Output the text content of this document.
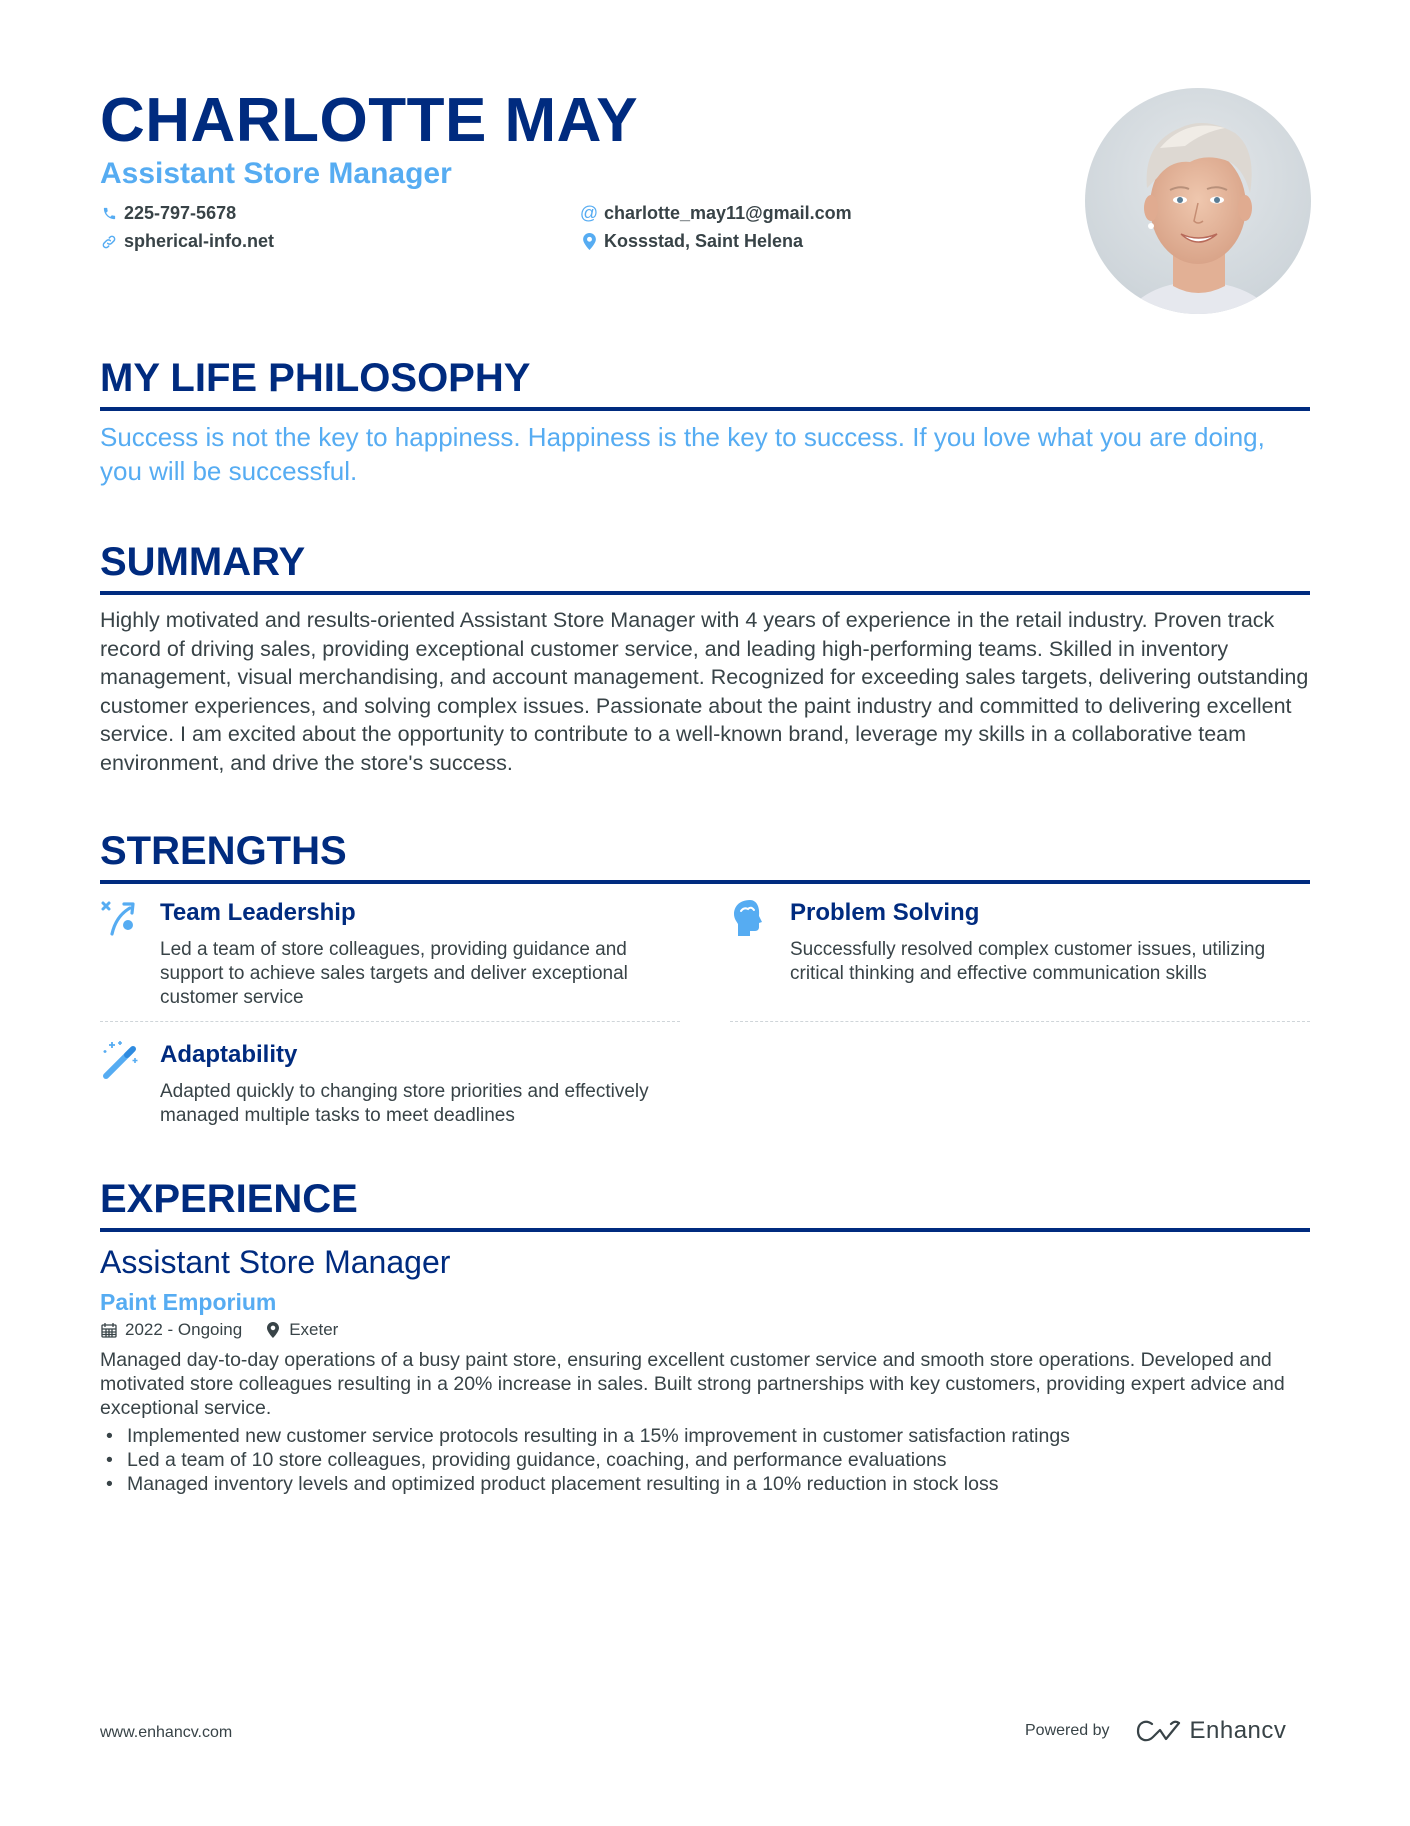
CHARLOTTE MAY
Assistant Store Manager
225-797-5678	@ charlotte_may11@gmail.com
spherical-info.net	Kossstad, Saint Helena
MY LIFE PHILOSOPHY
Success is not the key to happiness. Happiness is the key to success. If you love what you are doing, you will be successful.
SUMMARY
Highly motivated and results-oriented Assistant Store Manager with 4 years of experience in the retail industry. Proven track record of driving sales, providing exceptional customer service, and leading high-performing teams. Skilled in inventory management, visual merchandising, and account management. Recognized for exceeding sales targets, delivering outstanding customer experiences, and solving complex issues. Passionate about the paint industry and committed to delivering excellent service. I am excited about the opportunity to contribute to a well-known brand, leverage my skills in a collaborative team environment, and drive the store's success.
STRENGTHS
Team Leadership
Led a team of store colleagues, providing guidance and support to achieve sales targets and deliver exceptional customer service
Problem Solving
Successfully resolved complex customer issues, utilizing critical thinking and effective communication skills
Adaptability
Adapted quickly to changing store priorities and effectively managed multiple tasks to meet deadlines
EXPERIENCE
Assistant Store Manager
Paint Emporium
2022 - Ongoing	Exeter
Managed day-to-day operations of a busy paint store, ensuring excellent customer service and smooth store operations. Developed and motivated store colleagues resulting in a 20% increase in sales. Built strong partnerships with key customers, providing expert advice and exceptional service.
• Implemented new customer service protocols resulting in a 15% improvement in customer satisfaction ratings
• Led a team of 10 store colleagues, providing guidance, coaching, and performance evaluations
• Managed inventory levels and optimized product placement resulting in a 10% reduction in stock loss
www.enhancv.com	Powered by	Enhancv
